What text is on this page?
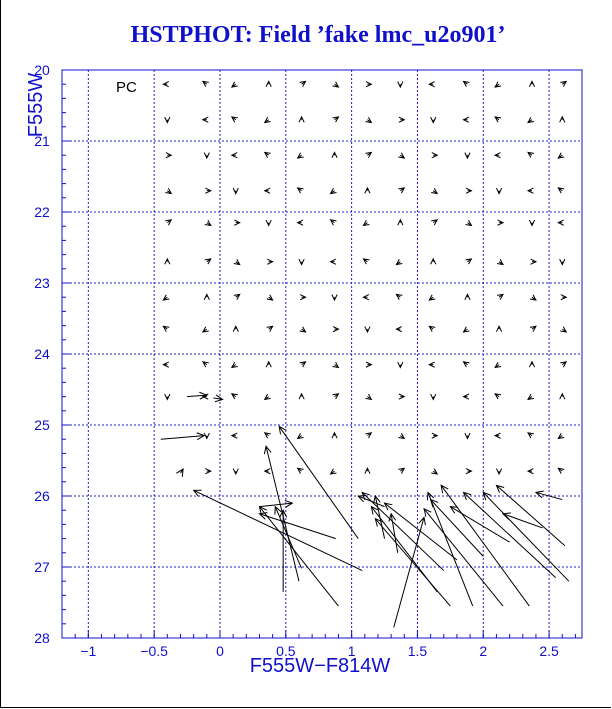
HSTPHOT: Field ’fake lmc_u2o901’
−1	−0.5	0	0.5	1	1.5	2	2.5
20
21
22
23
24
25
26
27
28
PC
F555W−F814W
F555W
